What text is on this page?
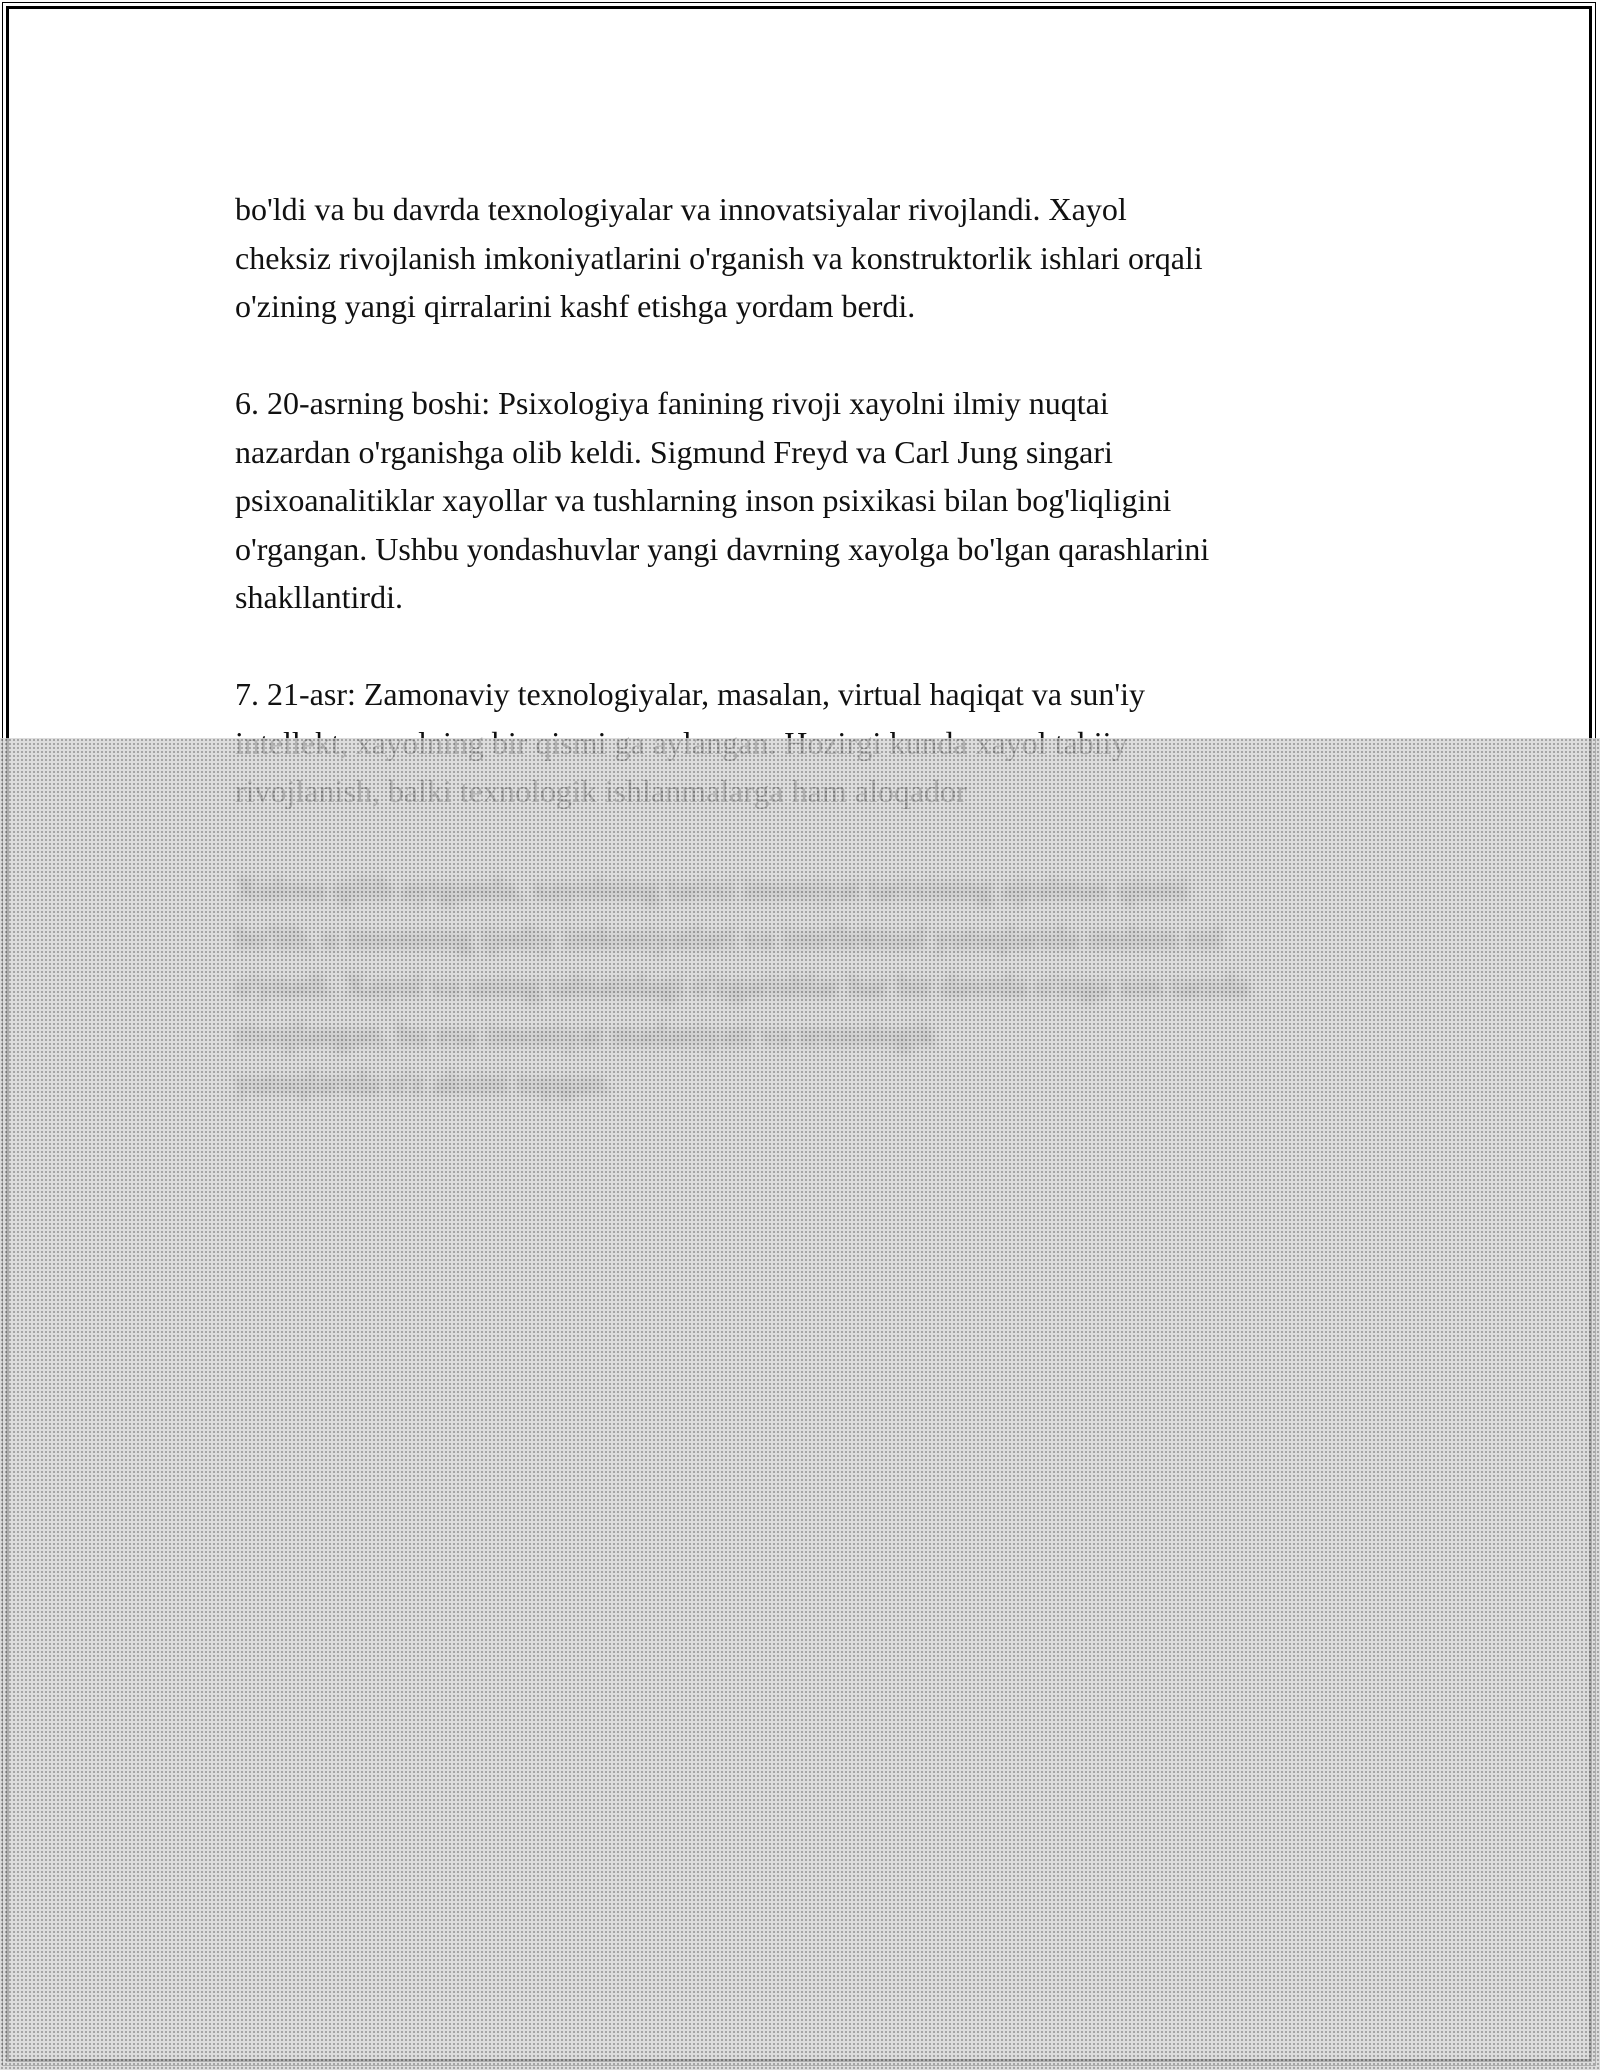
bo'ldi va bu davrda texnologiyalar va innovatsiyalar rivojlandi. Xayol
cheksiz rivojlanish imkoniyatlarini o'rganish va konstruktorlik ishlari orqali
o'zining yangi qirralarini kashf etishga yordam berdi.

6. 20-asrning boshi: Psixologiya fanining rivoji xayolni ilmiy nuqtai
nazardan o'rganishga olib keldi. Sigmund Freyd va Carl Jung singari
psixoanalitiklar xayollar va tushlarning inson psixikasi bilan bog'liqligini
o'rgangan. Ushbu yondashuvlar yangi davrning xayolga bo'lgan qarashlarini
shakllantirdi.

7. 21-asr: Zamonaviy texnologiyalar, masalan, virtual haqiqat va sun'iy
